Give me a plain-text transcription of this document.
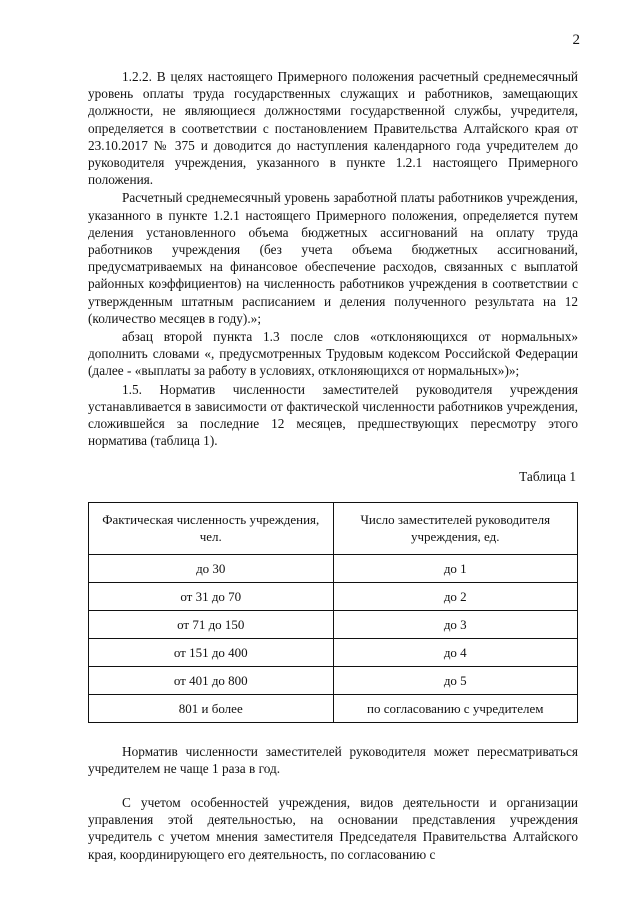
2

1.2.2. В целях настоящего Примерного положения расчетный среднемесячный уровень оплаты труда государственных служащих и работников, замещающих должности, не являющиеся должностями государственной службы, учредителя, определяется в соответствии с постановлением Правительства Алтайского края от 23.10.2017 № 375 и доводится до наступления календарного года учредителем до руководителя учреждения, указанного в пункте 1.2.1 настоящего Примерного положения.

Расчетный среднемесячный уровень заработной платы работников учреждения, указанного в пункте 1.2.1 настоящего Примерного положения, определяется путем деления установленного объема бюджетных ассигнований на оплату труда работников учреждения (без учета объема бюджетных ассигнований, предусматриваемых на финансовое обеспечение расходов, связанных с выплатой районных коэффициентов) на численность работников учреждения в соответствии с утвержденным штатным расписанием и деления полученного результата на 12 (количество месяцев в году).»;

абзац второй пункта 1.3 после слов «отклоняющихся от нормальных» дополнить словами «, предусмотренных Трудовым кодексом Российской Федерации (далее - «выплаты за работу в условиях, отклоняющихся от нормальных»)»;

1.5. Норматив численности заместителей руководителя учреждения устанавливается в зависимости от фактической численности работников учреждения, сложившейся за последние 12 месяцев, предшествующих пересмотру этого норматива (таблица 1).

Таблица 1
Фактическая численность учреждения, чел.	Число заместителей руководителя учреждения, ед.
до 30	до 1
от 31 до 70	до 2
от 71 до 150	до 3
от 151 до 400	до 4
от 401 до 800	до 5
801 и более	по согласованию с учредителем

Норматив численности заместителей руководителя может пересматриваться учредителем не чаще 1 раза в год.

С учетом особенностей учреждения, видов деятельности и организации управления этой деятельностью, на основании представления учреждения учредитель с учетом мнения заместителя Председателя Правительства Алтайского края, координирующего его деятельность, по согласованию с
